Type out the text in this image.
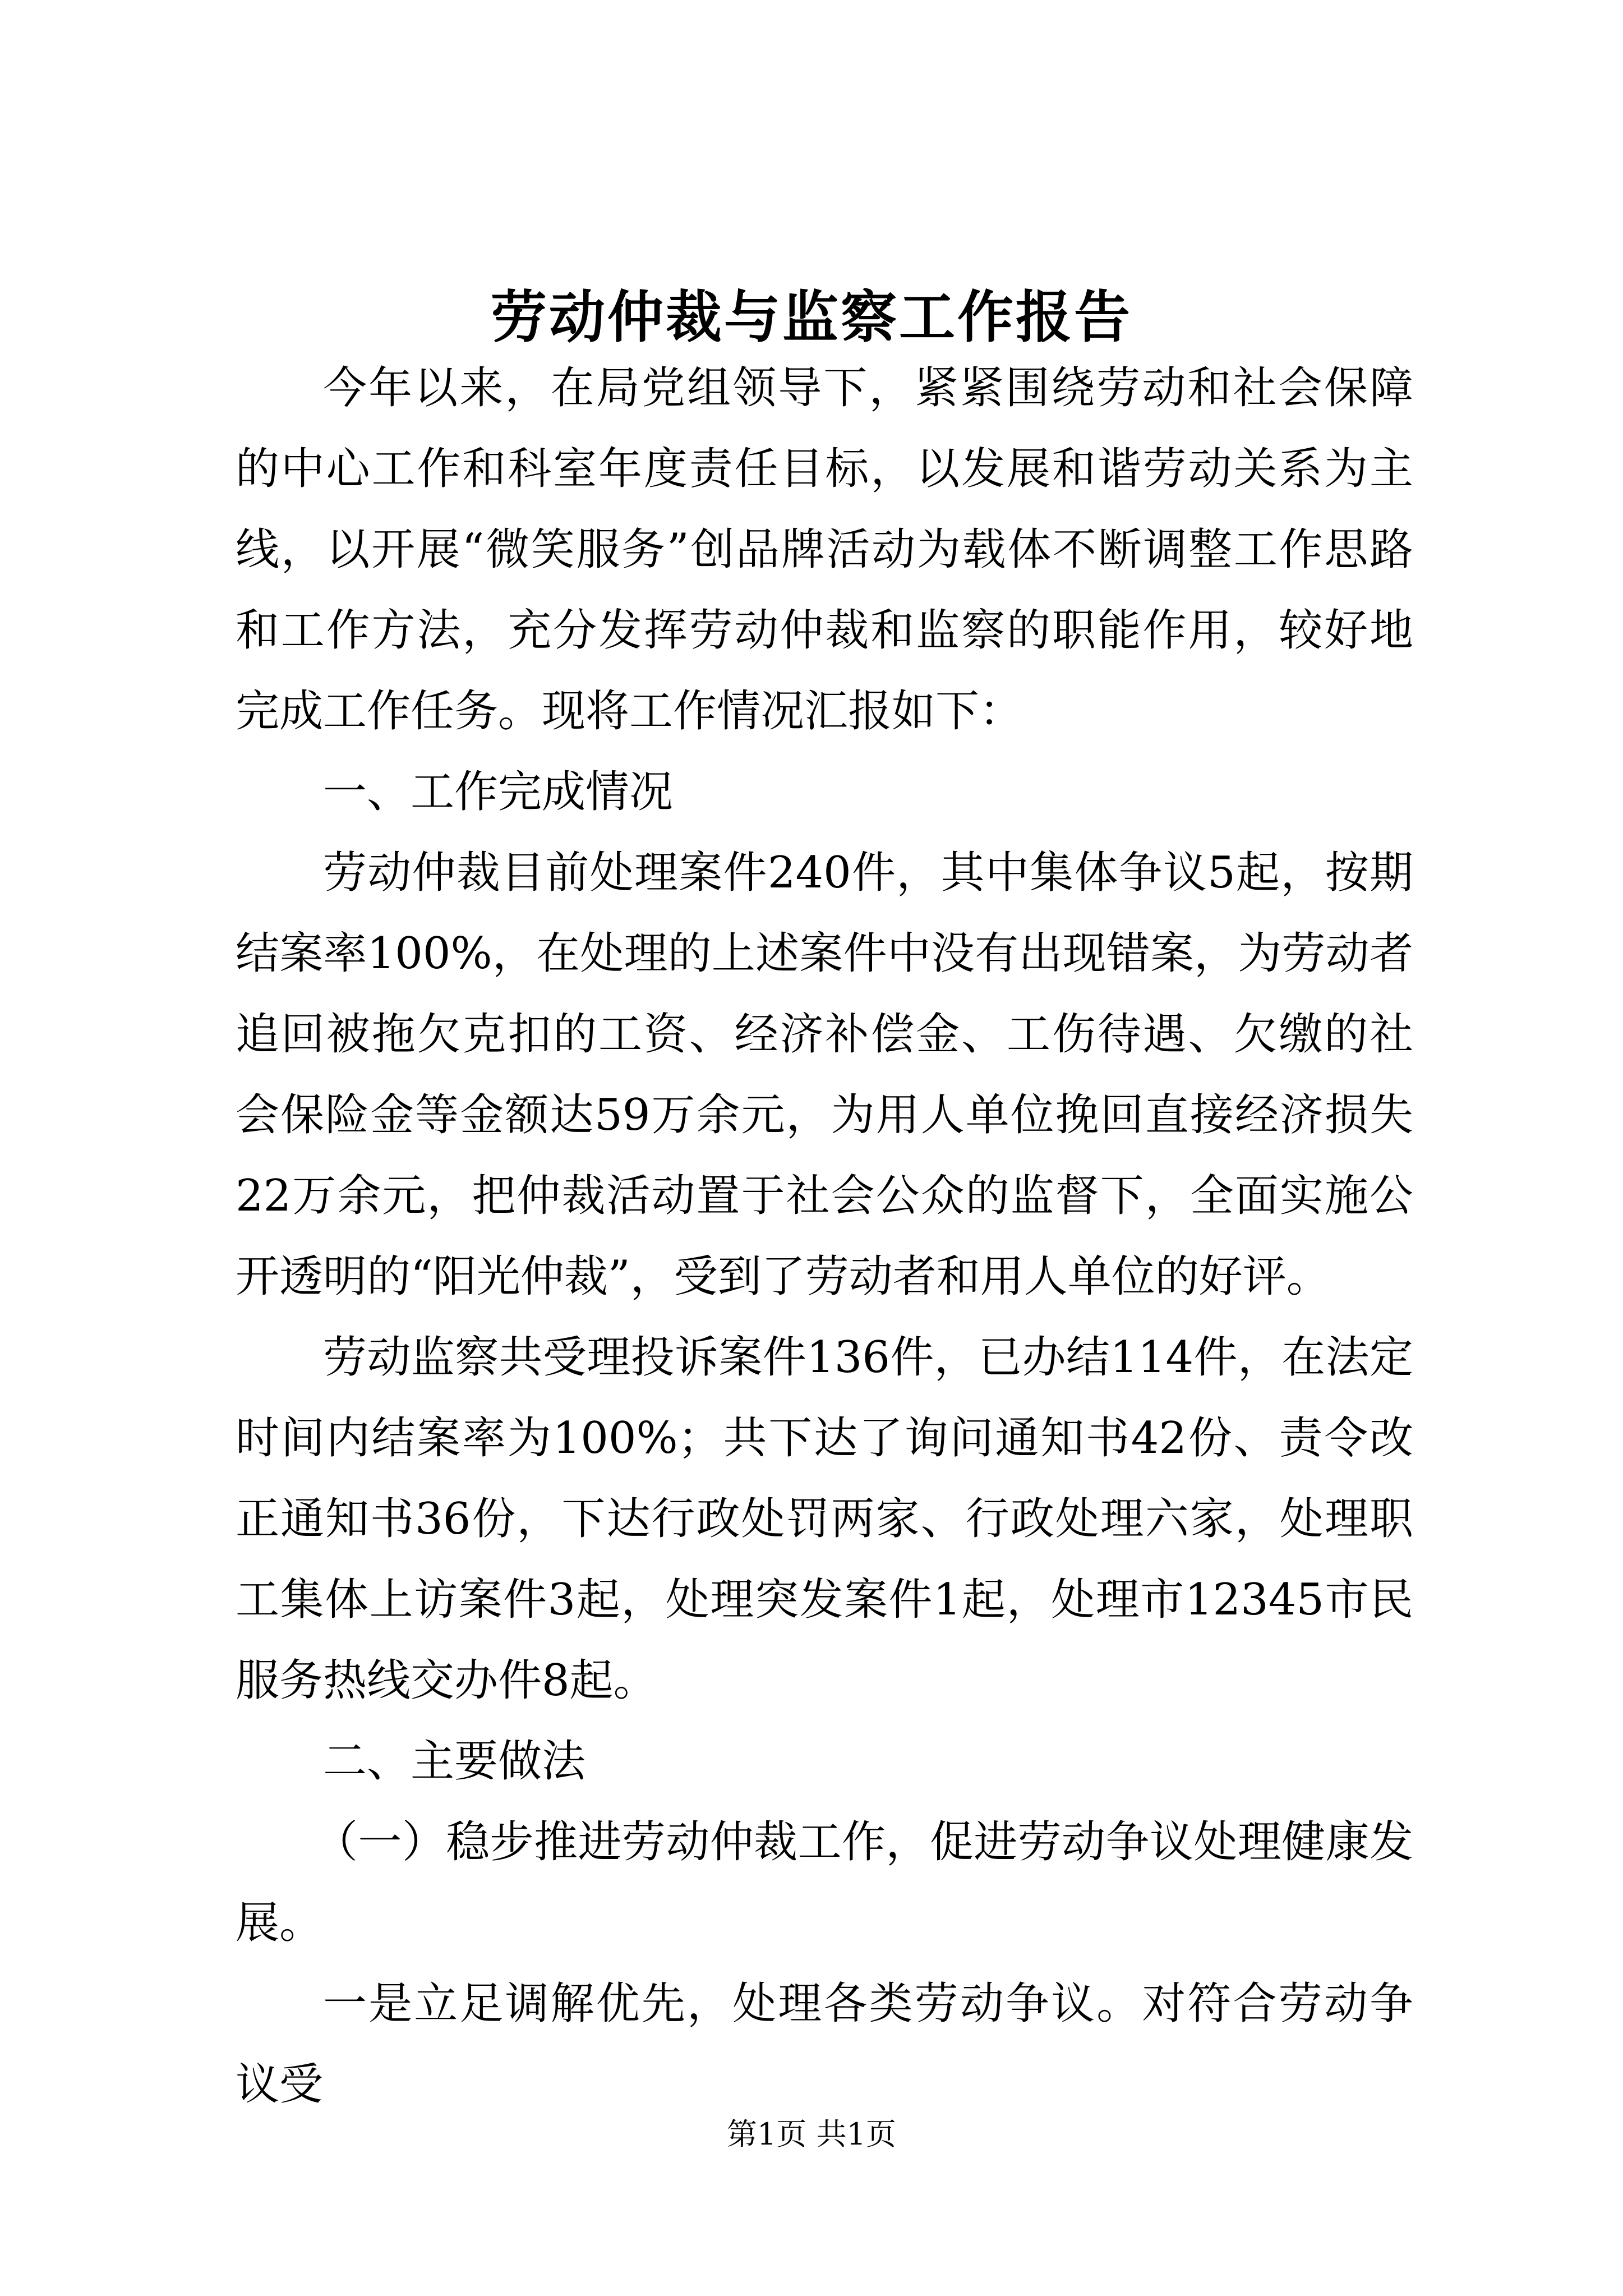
劳动仲裁与监察工作报告

今年以来，在局党组领导下，紧紧围绕劳动和社会保障的中心工作和科室年度责任目标，以发展和谐劳动关系为主线，以开展“微笑服务”创品牌活动为载体不断调整工作思路和工作方法，充分发挥劳动仲裁和监察的职能作用，较好地完成工作任务。现将工作情况汇报如下：

一、工作完成情况

劳动仲裁目前处理案件240件，其中集体争议5起，按期结案率100%，在处理的上述案件中没有出现错案，为劳动者追回被拖欠克扣的工资、经济补偿金、工伤待遇、欠缴的社会保险金等金额达59万余元，为用人单位挽回直接经济损失22万余元，把仲裁活动置于社会公众的监督下，全面实施公开透明的“阳光仲裁”，受到了劳动者和用人单位的好评。

劳动监察共受理投诉案件136件，已办结114件，在法定时间内结案率为100%；共下达了询问通知书42份、责令改正通知书36份，下达行政处罚两家、行政处理六家，处理职工集体上访案件3起，处理突发案件1起，处理市12345市民服务热线交办件8起。

二、主要做法

（一）稳步推进劳动仲裁工作，促进劳动争议处理健康发展。

一是立足调解优先，处理各类劳动争议。对符合劳动争议受

第1页 共1页
